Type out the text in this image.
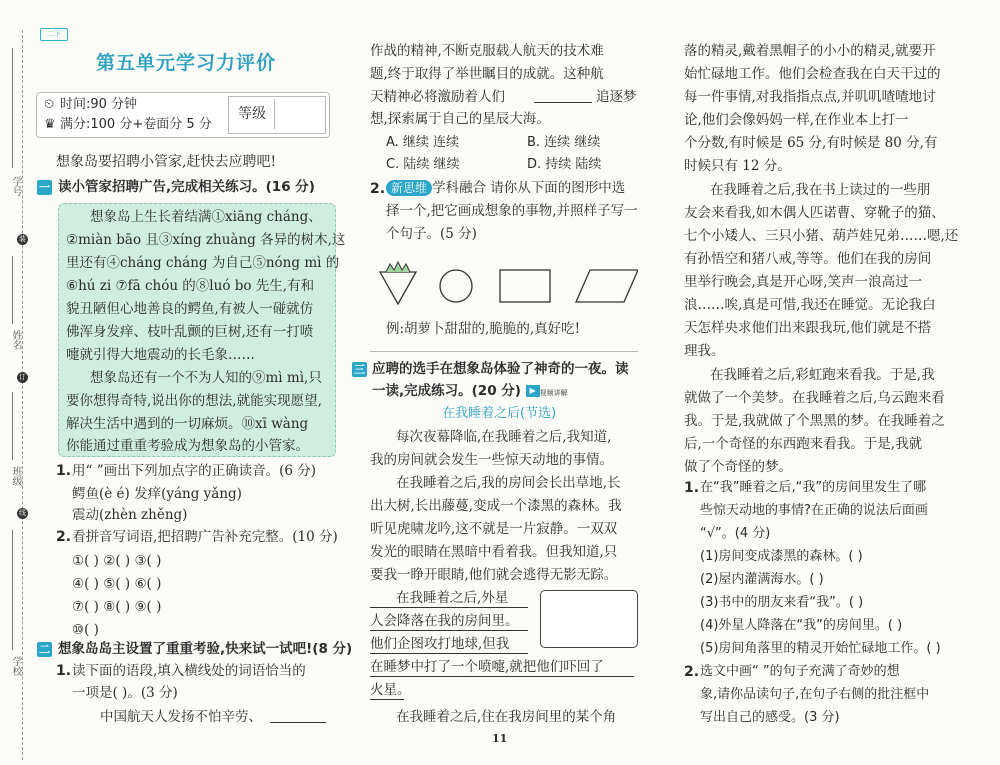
学号
装
姓名
订
班级
线
学校
二下
第五单元学习力评价
⏲ 时间:90 分钟
♛ 满分:100 分+卷面分 5 分
等级
想象岛要招聘小管家,赶快去应聘吧!
一 读小管家招聘广告,完成相关练习。(16 分)
想象岛上生长着结满①xiāng cháng、
②miàn bāo 且③xíng zhuàng 各异的树木,这
里还有④cháng cháng 为自己⑤nóng mì 的
⑥hú zi ⑦fā chóu 的⑧luó bo 先生,有和
貌丑陋但心地善良的鳄鱼,有被人一碰就仿
佛浑身发痒、枝叶乱颤的巨树,还有一打喷
嚏就引得大地震动的长毛象……
想象岛还有一个不为人知的⑨mì mì,只
要你想得奇特,说出你的想法,就能实现愿望,
解决生活中遇到的一切麻烦。⑩xī wàng
你能通过重重考验成为想象岛的小管家。
1. 用“ ”画出下列加点字的正确读音。(6 分)
鳄鱼(è é) 发痒(yáng yǎng)
震动(zhèn zhěng)
2. 看拼音写词语,把招聘广告补充完整。(10 分)
①( ) ②( ) ③( )
④( ) ⑤( ) ⑥( )
⑦( ) ⑧( ) ⑨( )
⑩( )
二 想象岛岛主设置了重重考验,快来试一试吧!(8 分)
1. 读下面的语段,填入横线处的词语恰当的
一项是( )。(3 分)
中国航天人发扬不怕辛劳、
作战的精神,不断克服载人航天的技术难
题,终于取得了举世瞩目的成就。这种航
天精神必将激励着人们	追逐梦
想,探索属于自己的星辰大海。
A. 继续 连续	B. 连续 继续
C. 陆续 继续	D. 持续 陆续
2. 新思维 学科融合 请你从下面的图形中选
择一个,把它画成想象的事物,并照样子写一
个句子。(5 分)
例:胡萝卜甜甜的,脆脆的,真好吃!
三 应聘的选手在想象岛体验了神奇的一夜。读
一读,完成练习。(20 分) ▶ 视频讲解
在我睡着之后(节选)
每次夜幕降临,在我睡着之后,我知道,
我的房间就会发生一些惊天动地的事情。
在我睡着之后,我的房间会长出草地,长
出大树,长出藤蔓,变成一个漆黑的森林。我
听见虎啸龙吟,这不就是一片寂静。一双双
发光的眼睛在黑暗中看着我。但我知道,只
要我一睁开眼睛,他们就会逃得无影无踪。
在我睡着之后,外星
人会降落在我的房间里。
他们企图攻打地球,但我
在睡梦中打了一个喷嚏,就把他们吓回了
火星。
在我睡着之后,住在我房间里的某个角
11
落的精灵,戴着黑帽子的小小的精灵,就要开
始忙碌地工作。他们会检查我在白天干过的
每一件事情,对我指指点点,并叽叽喳喳地讨
论,他们会像妈妈一样,在作业本上打一
个分数,有时候是 65 分,有时候是 80 分,有
时候只有 12 分。
在我睡着之后,我在书上读过的一些朋
友会来看我,如木偶人匹诺曹、穿靴子的猫、
七个小矮人、三只小猪、葫芦娃兄弟……嗯,还
有孙悟空和猪八戒,等等。他们在我的房间
里举行晚会,真是开心呀,笑声一浪高过一
浪……唉,真是可惜,我还在睡觉。无论我白
天怎样央求他们出来跟我玩,他们就是不搭
理我。
在我睡着之后,彩虹跑来看我。于是,我
就做了一个美梦。在我睡着之后,乌云跑来看
我。于是,我就做了个黑黑的梦。在我睡着之
后,一个奇怪的东西跑来看我。于是,我就
做了个奇怪的梦。
1. 在“我”睡着之后,“我”的房间里发生了哪
些惊天动地的事情?在正确的说法后面画
“√”。(4 分)
(1)房间变成漆黑的森林。( )
(2)屋内灌满海水。( )
(3)书中的朋友来看“我”。( )
(4)外星人降落在“我”的房间里。( )
(5)房间角落里的精灵开始忙碌地工作。( )
2. 选文中画“ ”的句子充满了奇妙的想
象,请你品读句子,在句子右侧的批注框中
写出自己的感受。(3 分)
